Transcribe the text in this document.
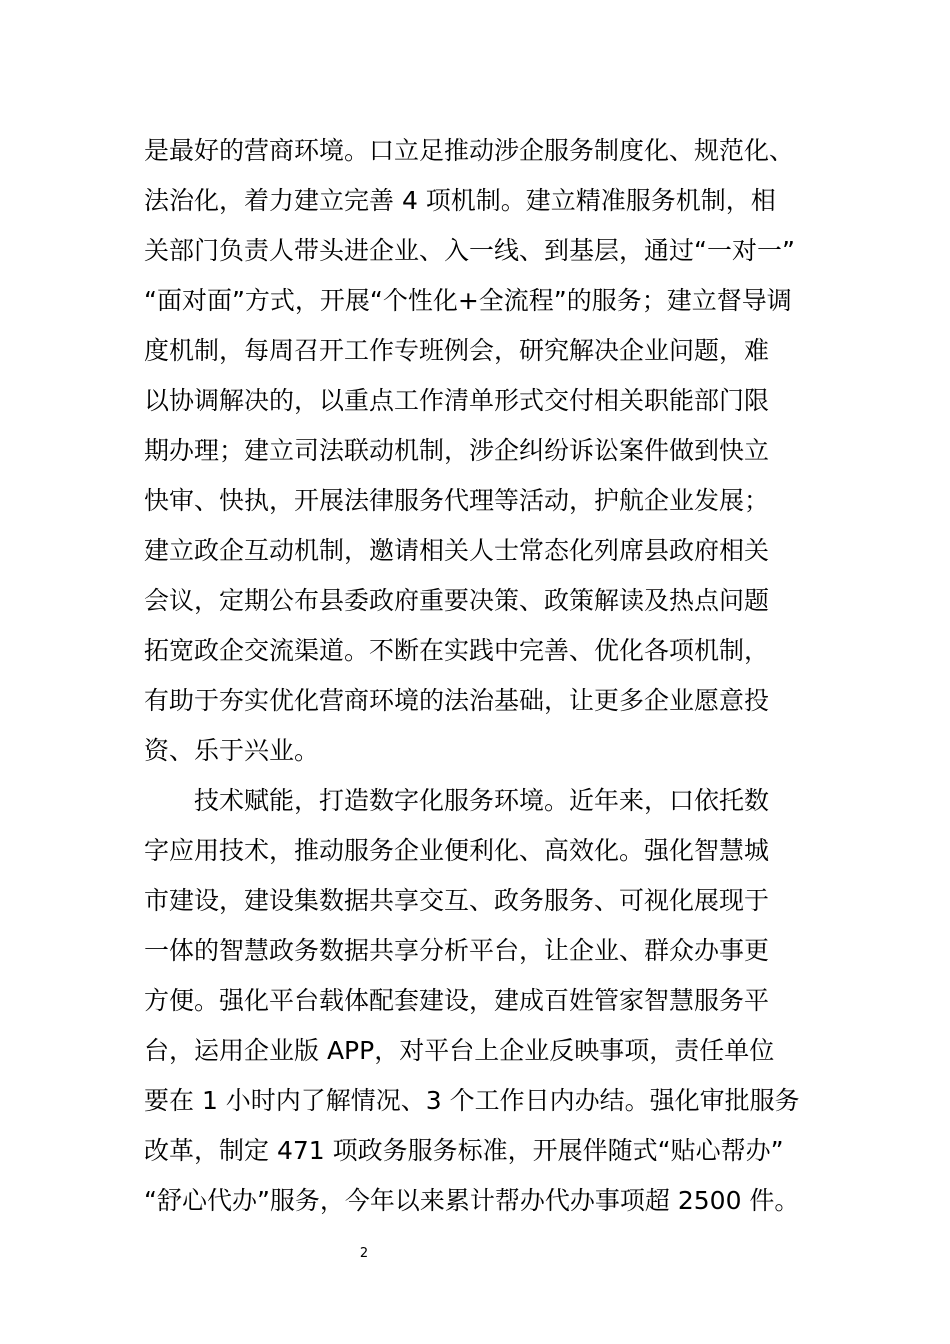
是最好的营商环境。口立足推动涉企服务制度化、规范化、
法治化，着力建立完善 4 项机制。建立精准服务机制，相
关部门负责人带头进企业、入一线、到基层，通过“一对一”
“面对面”方式，开展“个性化+全流程”的服务；建立督导调
度机制，每周召开工作专班例会，研究解决企业问题，难
以协调解决的，以重点工作清单形式交付相关职能部门限
期办理；建立司法联动机制，涉企纠纷诉讼案件做到快立
快审、快执，开展法律服务代理等活动，护航企业发展；
建立政企互动机制，邀请相关人士常态化列席县政府相关
会议，定期公布县委政府重要决策、政策解读及热点问题
拓宽政企交流渠道。不断在实践中完善、优化各项机制，
有助于夯实优化营商环境的法治基础，让更多企业愿意投
资、乐于兴业。
技术赋能，打造数字化服务环境。近年来，口依托数
字应用技术，推动服务企业便利化、高效化。强化智慧城
市建设，建设集数据共享交互、政务服务、可视化展现于
一体的智慧政务数据共享分析平台，让企业、群众办事更
方便。强化平台载体配套建设，建成百姓管家智慧服务平
台，运用企业版 APP，对平台上企业反映事项，责任单位
要在 1 小时内了解情况、3 个工作日内办结。强化审批服务
改革，制定 471 项政务服务标准，开展伴随式“贴心帮办”
“舒心代办”服务，今年以来累计帮办代办事项超 2500 件。
2
